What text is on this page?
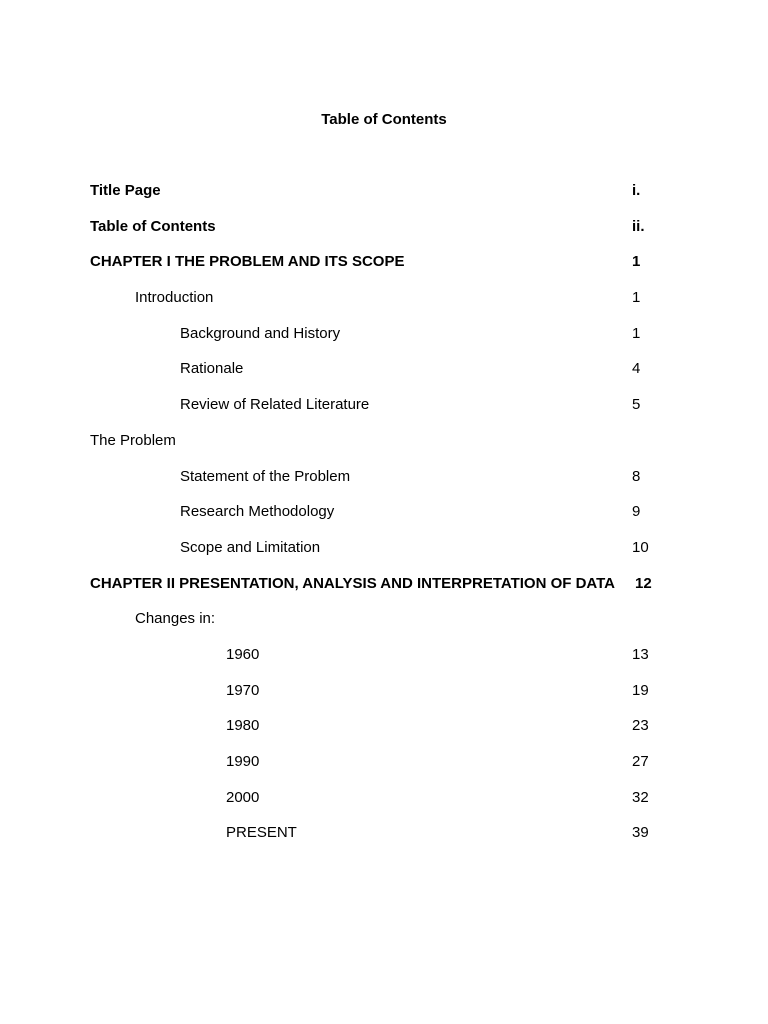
Table of Contents
Title Page	i.
Table of Contents	ii.
CHAPTER I THE PROBLEM AND ITS SCOPE	1
Introduction	1
Background and History	1
Rationale	4
Review of Related Literature	5
The Problem
Statement of the Problem	8
Research Methodology	9
Scope and Limitation	10
CHAPTER II PRESENTATION, ANALYSIS AND INTERPRETATION OF DATA 12
Changes in:
1960	13
1970	19
1980	23
1990	27
2000	32
PRESENT	39
